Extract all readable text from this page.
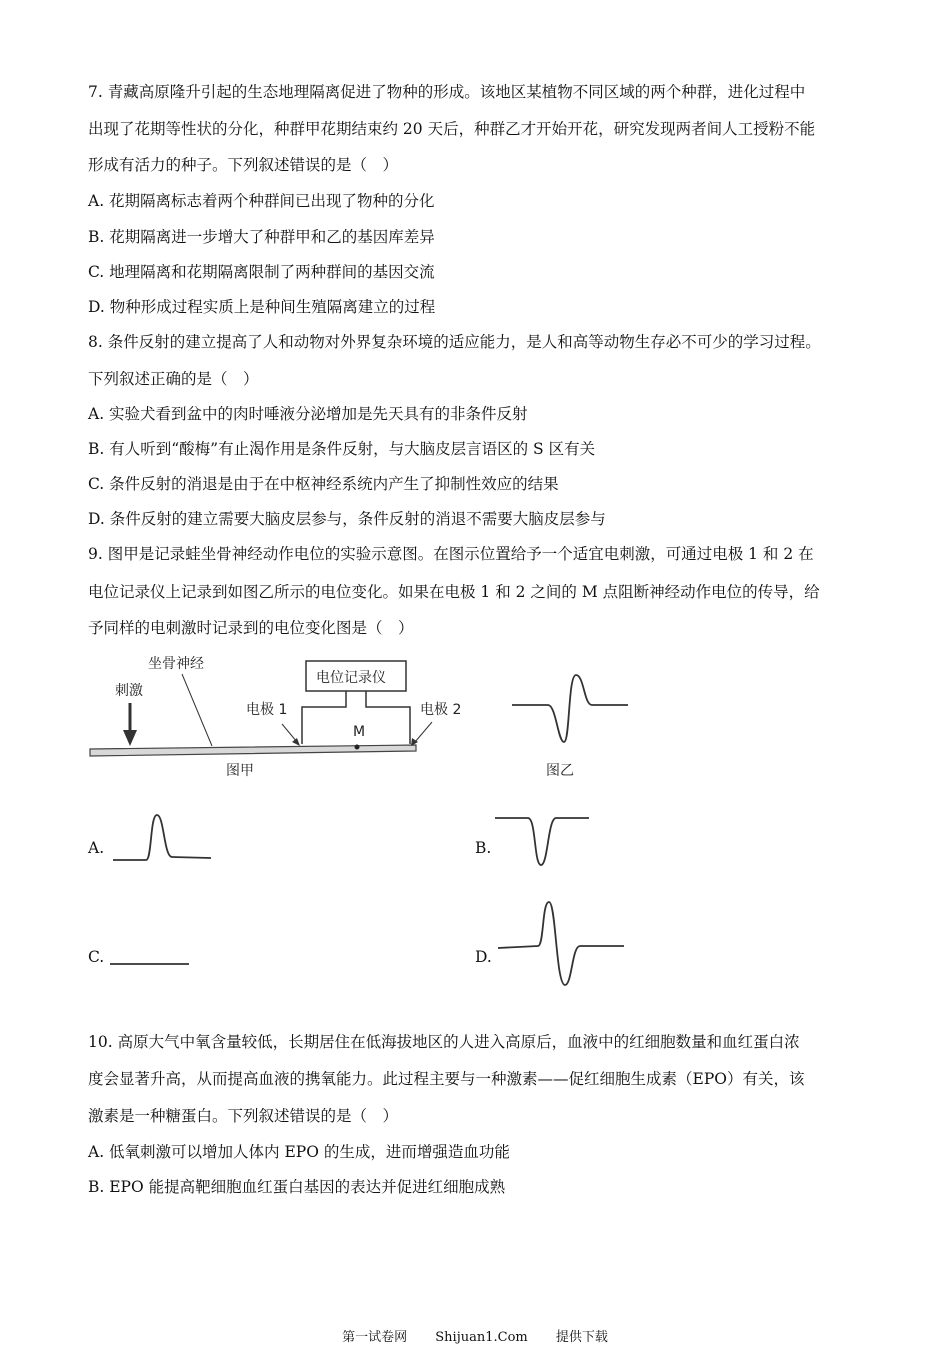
7. 青藏高原隆升引起的生态地理隔离促进了物种的形成。该地区某植物不同区域的两个种群，进化过程中
出现了花期等性状的分化，种群甲花期结束约 20 天后，种群乙才开始开花，研究发现两者间人工授粉不能
形成有活力的种子。下列叙述错误的是（　）
A. 花期隔离标志着两个种群间已出现了物种的分化
B. 花期隔离进一步增大了种群甲和乙的基因库差异
C. 地理隔离和花期隔离限制了两种群间的基因交流
D. 物种形成过程实质上是种间生殖隔离建立的过程
8. 条件反射的建立提高了人和动物对外界复杂环境的适应能力，是人和高等动物生存必不可少的学习过程。
下列叙述正确的是（　）
A. 实验犬看到盆中的肉时唾液分泌增加是先天具有的非条件反射
B. 有人听到“酸梅”有止渴作用是条件反射，与大脑皮层言语区的 S 区有关
C. 条件反射的消退是由于在中枢神经系统内产生了抑制性效应的结果
D. 条件反射的建立需要大脑皮层参与，条件反射的消退不需要大脑皮层参与
9. 图甲是记录蛙坐骨神经动作电位的实验示意图。在图示位置给予一个适宜电刺激，可通过电极 1 和 2 在
电位记录仪上记录到如图乙所示的电位变化。如果在电极 1 和 2 之间的 M 点阻断神经动作电位的传导，给
予同样的电刺激时记录到的电位变化图是（　）
刺激
坐骨神经
电位记录仪
电极 1	电极 2
M
图甲	图乙
A.	B.
C.	D.
10. 高原大气中氧含量较低，长期居住在低海拔地区的人进入高原后，血液中的红细胞数量和血红蛋白浓
度会显著升高，从而提高血液的携氧能力。此过程主要与一种激素——促红细胞生成素（EPO）有关，该
激素是一种糖蛋白。下列叙述错误的是（　）
A. 低氧刺激可以增加人体内 EPO 的生成，进而增强造血功能
B. EPO 能提高靶细胞血红蛋白基因的表达并促进红细胞成熟
第一试卷网 Shijuan1.Com 提供下载
